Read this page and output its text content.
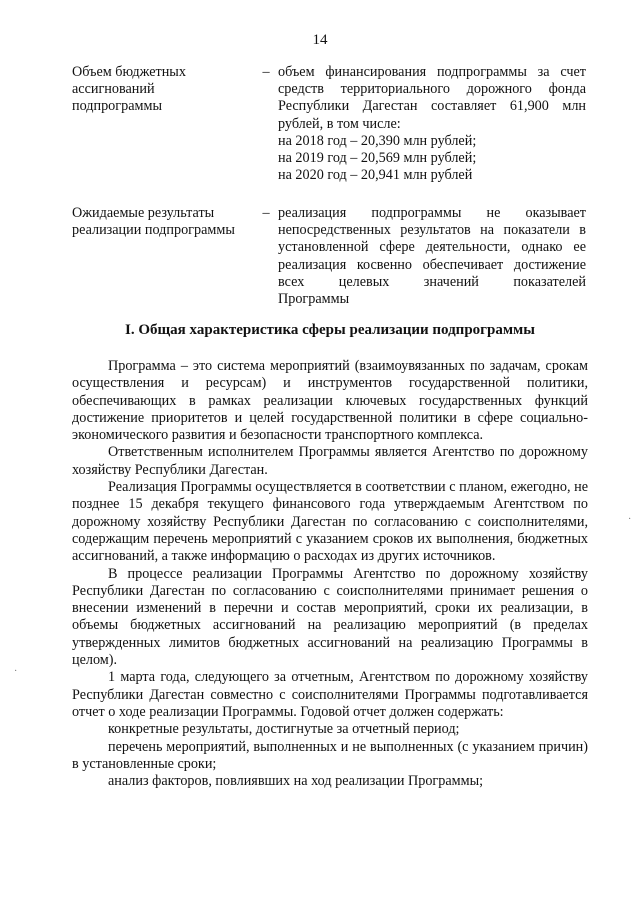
14
Объем бюджетных
ассигнований
подпрограммы
– объем финансирования подпрограммы за счет
средств территориального дорожного фонда
Республики Дагестан составляет 61,900 млн
рублей, в том числе:
на 2018 год – 20,390 млн рублей;
на 2019 год – 20,569 млн рублей;
на 2020 год – 20,941 млн рублей
Ожидаемые результаты
реализации подпрограммы
– реализация подпрограммы не оказывает
непосредственных результатов на показатели в
установленной сфере деятельности, однако ее
реализация косвенно обеспечивает достижение
всех целевых значений показателей
Программы
I. Общая характеристика сферы реализации подпрограммы

Программа – это система мероприятий (взаимоувязанных по задачам, срокам осуществления и ресурсам) и инструментов государственной политики, обеспечивающих в рамках реализации ключевых государственных функций достижение приоритетов и целей государственной политики в сфере социально-экономического развития и безопасности транспортного комплекса.

Ответственным исполнителем Программы является Агентство по дорожному хозяйству Республики Дагестан.

Реализация Программы осуществляется в соответствии с планом, ежегодно, не позднее 15 декабря текущего финансового года утверждаемым Агентством по дорожному хозяйству Республики Дагестан по согласованию с соисполнителями, содержащим перечень мероприятий с указанием сроков их выполнения, бюджетных ассигнований, а также информацию о расходах из других источников.

В процессе реализации Программы Агентство по дорожному хозяйству Республики Дагестан по согласованию с соисполнителями принимает решения о внесении изменений в перечни и состав мероприятий, сроки их реализации, в объемы бюджетных ассигнований на реализацию мероприятий (в пределах утвержденных лимитов бюджетных ассигнований на реализацию Программы в целом).

1 марта года, следующего за отчетным, Агентством по дорожному хозяйству Республики Дагестан совместно с соисполнителями Программы подготавливается отчет о ходе реализации Программы. Годовой отчет должен содержать:

конкретные результаты, достигнутые за отчетный период;

перечень мероприятий, выполненных и не выполненных (с указанием причин) в установленные сроки;

анализ факторов, повлиявших на ход реализации Программы;

·
·
